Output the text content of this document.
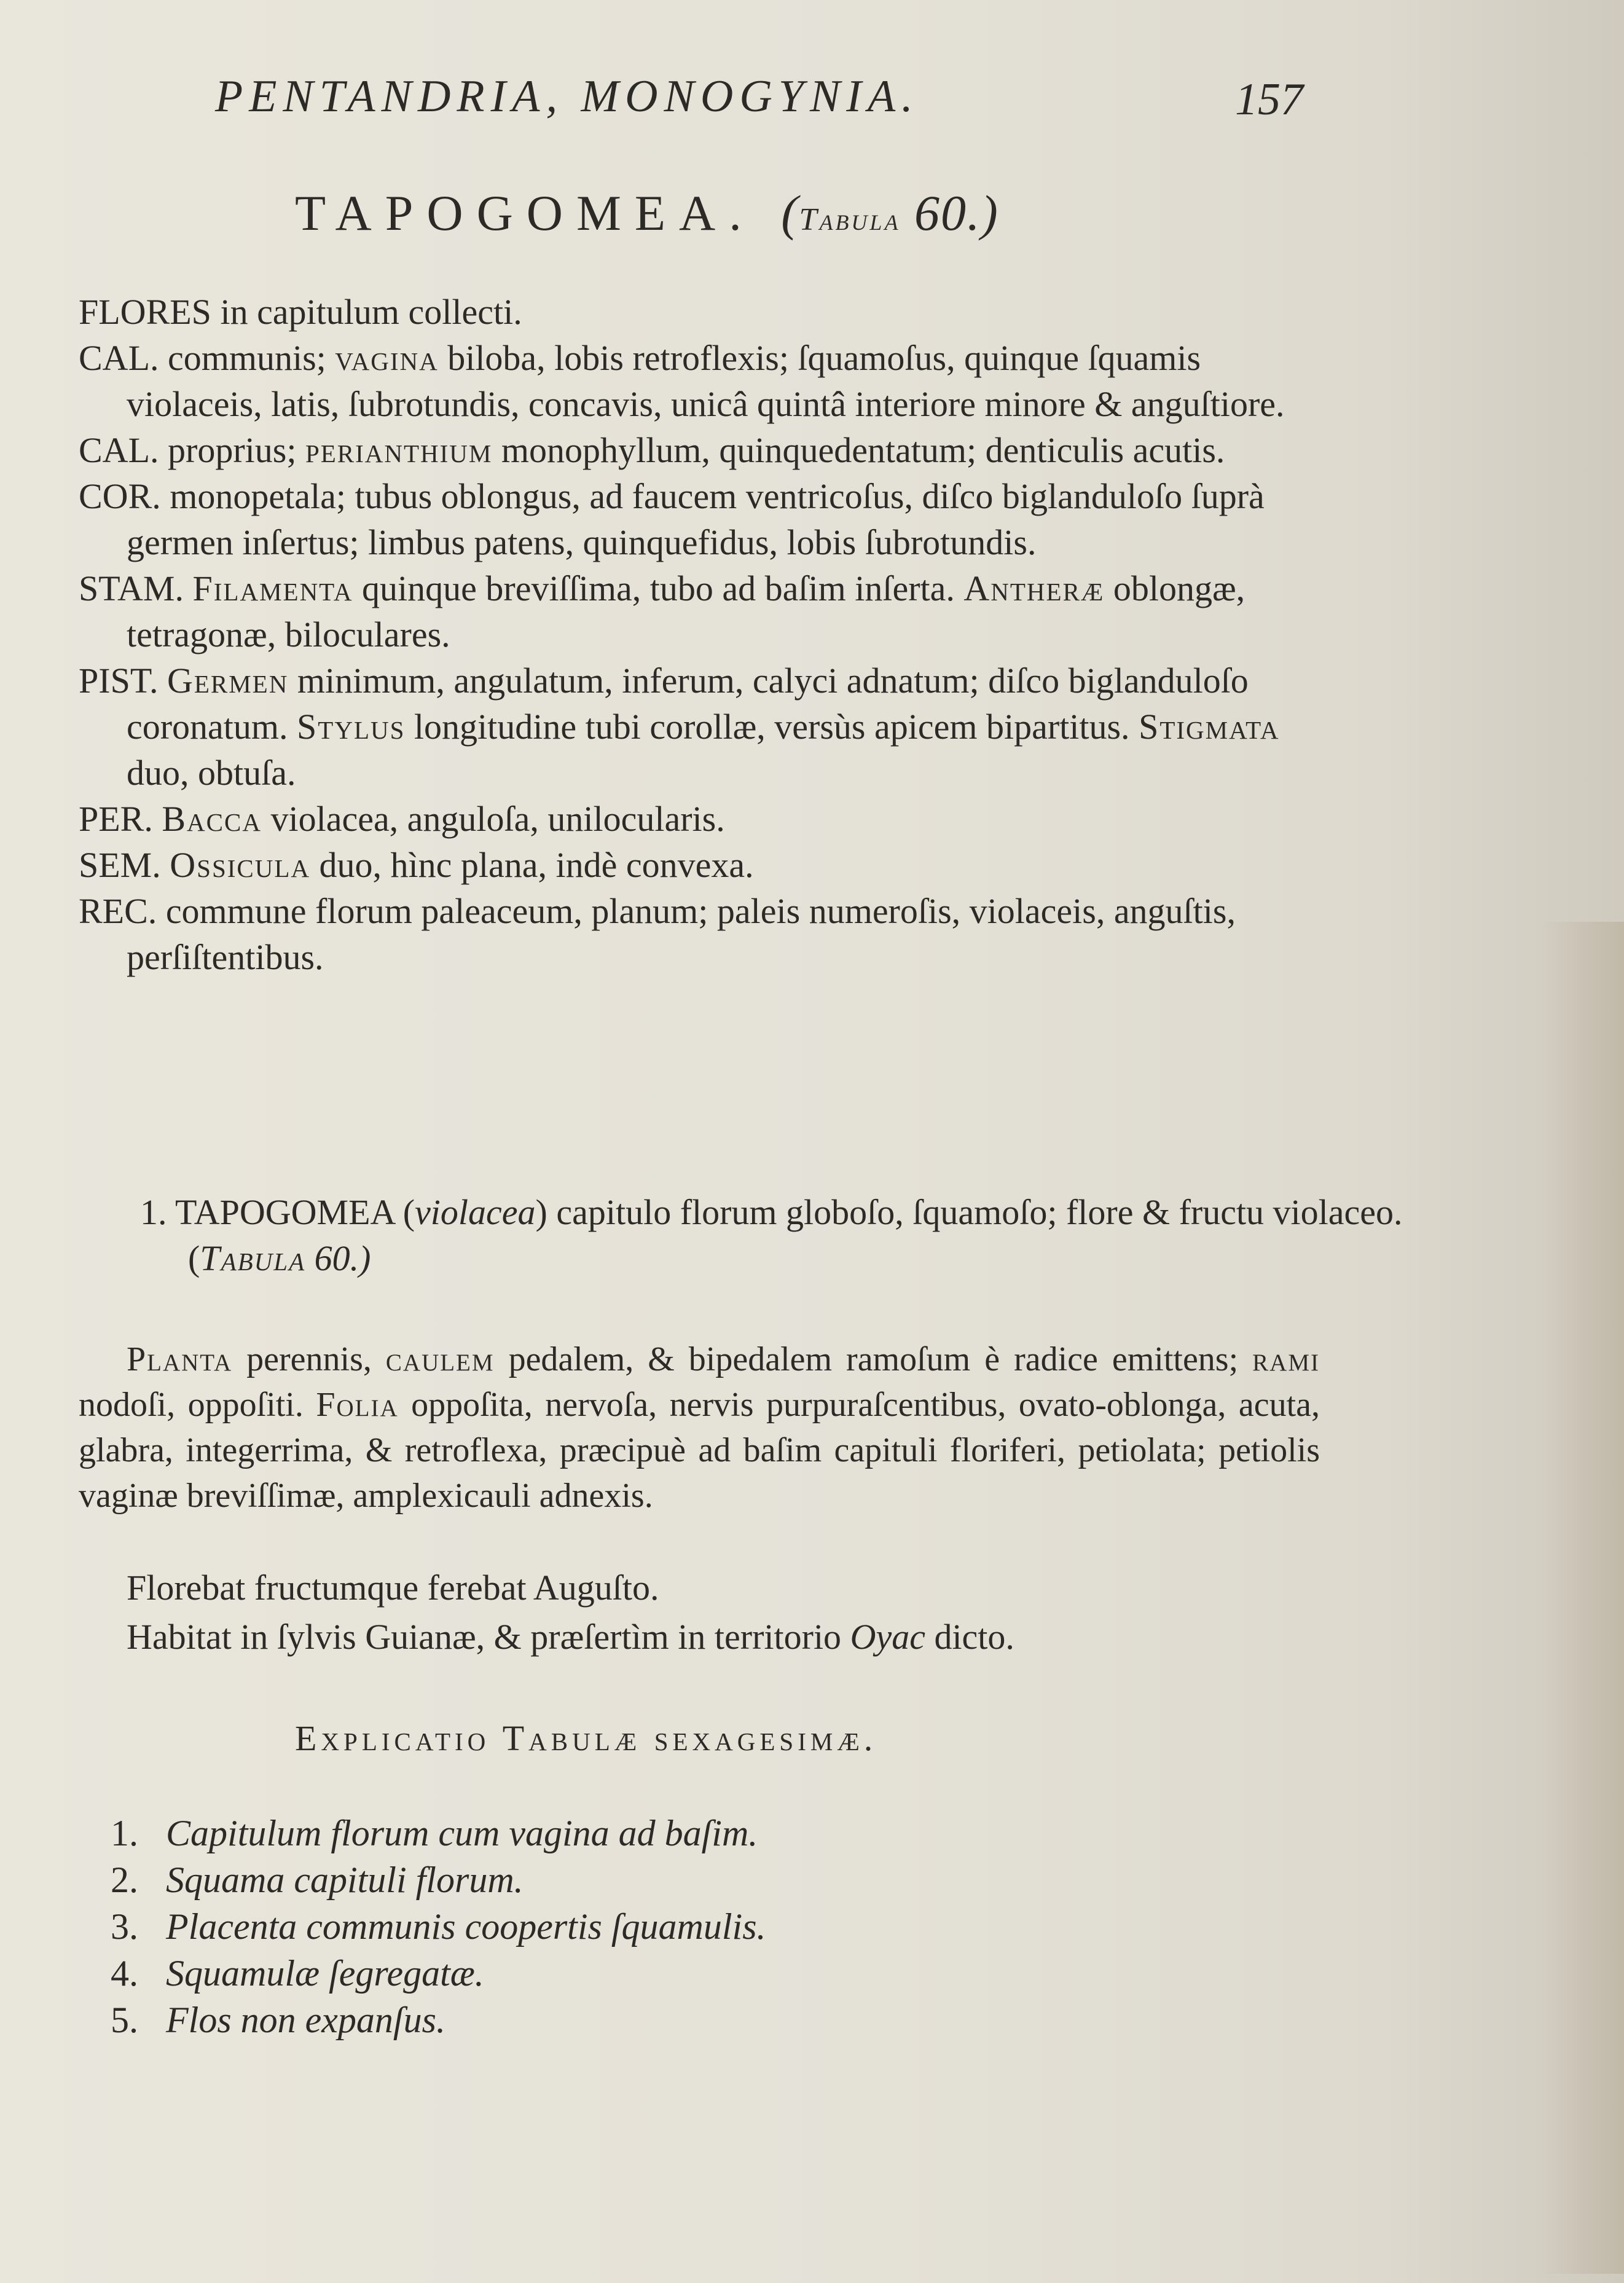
PENTANDRIA, MONOGYNIA.	157
TAPOGOMEA. (Tabula 60.)

FLORES in capitulum collecti.

CAL. communis; vagina biloba, lobis retroflexis; ſquamoſus, quinque ſquamis violaceis, latis, ſubrotundis, concavis, unicâ quintâ interiore minore & anguſtiore.

CAL. proprius; perianthium monophyllum, quinquedentatum; denticulis acutis.

COR. monopetala; tubus oblongus, ad faucem ventricoſus, diſco biglanduloſo ſuprà germen inſertus; limbus patens, quinquefidus, lobis ſubrotundis.

STAM. Filamenta quinque breviſſima, tubo ad baſim inſerta. Antheræ oblongæ, tetragonæ, biloculares.

PIST. Germen minimum, angulatum, inferum, calyci adnatum; diſco biglanduloſo coronatum. Stylus longitudine tubi corollæ, versùs apicem bipartitus. Stigmata duo, obtuſa.

PER. Bacca violacea, anguloſa, unilocularis.

SEM. Ossicula duo, hìnc plana, indè convexa.

REC. commune florum paleaceum, planum; paleis numeroſis, violaceis, anguſtis, perſiſtentibus.

1. TAPOGOMEA (violacea) capitulo florum globoſo, ſquamoſo; flore & fructu violaceo. (Tabula 60.)
Planta perennis, caulem pedalem, & bipedalem ramoſum è radice emittens; rami nodoſi, oppoſiti. Folia oppoſita, nervoſa, nervis purpuraſcentibus, ovato-oblonga, acuta, glabra, integerrima, & retroflexa, præcipuè ad baſim capituli floriferi, petiolata; petiolis vaginæ breviſſimæ, amplexicauli adnexis.
Florebat fructumque ferebat Auguſto.
Habitat in ſylvis Guianæ, & præſertìm in territorio Oyac dicto.
Explicatio Tabulæ sexagesimæ.
1. Capitulum florum cum vagina ad baſim.
2. Squama capituli florum.
3. Placenta communis coopertis ſquamulis.
4. Squamulæ ſegregatæ.
5. Flos non expanſus.
